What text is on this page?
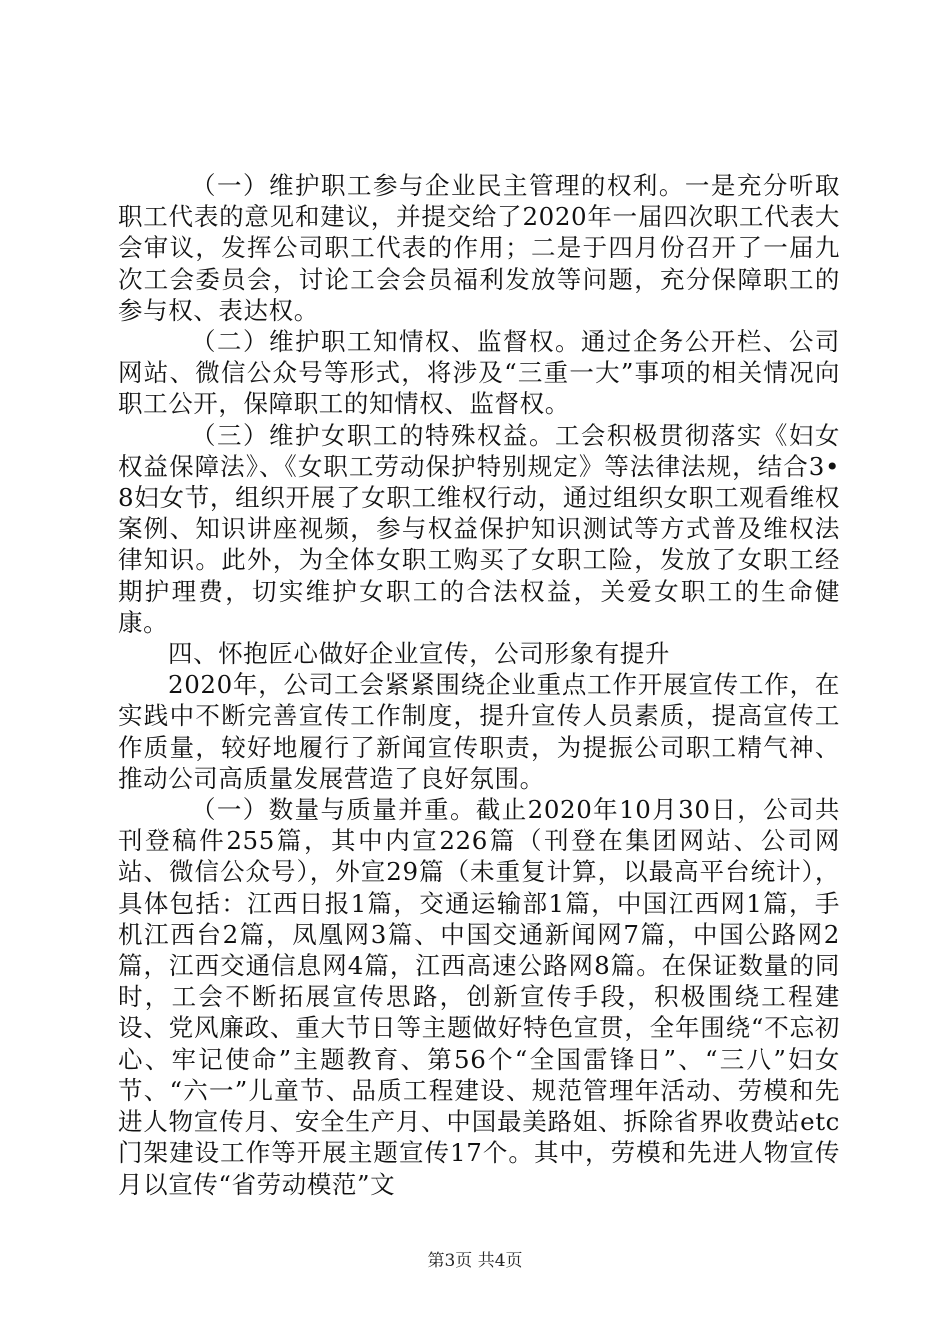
（一）维护职工参与企业民主管理的权利。一是充分听取职工代表的意见和建议，并提交给了2020年一届四次职工代表大会审议，发挥公司职工代表的作用；二是于四月份召开了一届九次工会委员会，讨论工会会员福利发放等问题，充分保障职工的参与权、表达权。

（二）维护职工知情权、监督权。通过企务公开栏、公司网站、微信公众号等形式，将涉及“三重一大”事项的相关情况向职工公开，保障职工的知情权、监督权。

（三）维护女职工的特殊权益。工会积极贯彻落实《妇女权益保障法》、《女职工劳动保护特别规定》等法律法规，结合3•8妇女节，组织开展了女职工维权行动，通过组织女职工观看维权案例、知识讲座视频，参与权益保护知识测试等方式普及维权法律知识。此外，为全体女职工购买了女职工险，发放了女职工经期护理费，切实维护女职工的合法权益，关爱女职工的生命健康。

四、怀抱匠心做好企业宣传，公司形象有提升

2020年，公司工会紧紧围绕企业重点工作开展宣传工作，在实践中不断完善宣传工作制度，提升宣传人员素质，提高宣传工作质量，较好地履行了新闻宣传职责，为提振公司职工精气神、推动公司高质量发展营造了良好氛围。

（一）数量与质量并重。截止2020年10月30日，公司共刊登稿件255篇，其中内宣226篇（刊登在集团网站、公司网站、微信公众号），外宣29篇（未重复计算，以最高平台统计），具体包括：江西日报1篇，交通运输部1篇，中国江西网1篇，手机江西台2篇，凤凰网3篇、中国交通新闻网7篇，中国公路网2篇，江西交通信息网4篇，江西高速公路网8篇。在保证数量的同时，工会不断拓展宣传思路，创新宣传手段，积极围绕工程建设、党风廉政、重大节日等主题做好特色宣贯，全年围绕“不忘初心、牢记使命”主题教育、第56个“全国雷锋日”、“三八”妇女节、“六一”儿童节、品质工程建设、规范管理年活动、劳模和先进人物宣传月、安全生产月、中国最美路姐、拆除省界收费站etc门架建设工作等开展主题宣传17个。其中，劳模和先进人物宣传月以宣传“省劳动模范”文

第3页 共4页
